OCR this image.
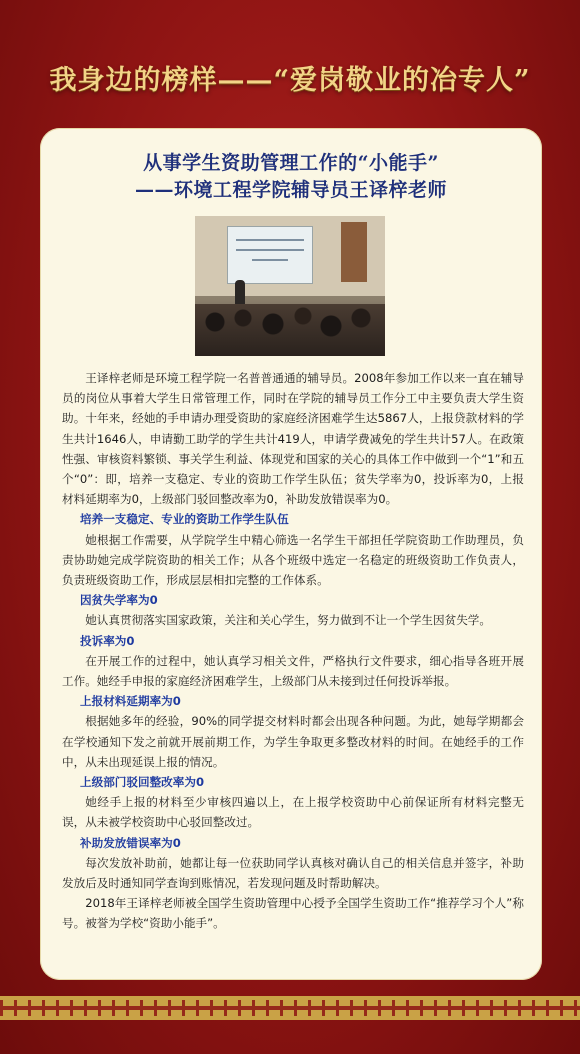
我身边的榜样——“爱岗敬业的冶专人”
从事学生资助管理工作的“小能手”
——环境工程学院辅导员王译梓老师

王译梓老师是环境工程学院一名普普通通的辅导员。2008年参加工作以来一直在辅导员的岗位从事着大学生日常管理工作，同时在学院的辅导员工作分工中主要负责大学生资助。十年来，经她的手申请办理受资助的家庭经济困难学生达5867人，上报贷款材料的学生共计1646人，申请勤工助学的学生共计419人，申请学费减免的学生共计57人。在政策性强、审核资料繁锁、事关学生利益、体现党和国家的关心的具体工作中做到一个“1”和五个“0”：即，培养一支稳定、专业的资助工作学生队伍；贫失学率为0，投诉率为0，上报材料延期率为0，上级部门驳回整改率为0，补助发放错误率为0。

培养一支稳定、专业的资助工作学生队伍

她根据工作需要，从学院学生中精心筛选一名学生干部担任学院资助工作助理员，负责协助她完成学院资助的相关工作；从各个班级中选定一名稳定的班级资助工作负责人，负责班级资助工作，形成层层相扣完整的工作体系。

因贫失学率为0

她认真贯彻落实国家政策，关注和关心学生，努力做到不让一个学生因贫失学。

投诉率为0

在开展工作的过程中，她认真学习相关文件，严格执行文件要求，细心指导各班开展工作。她经手申报的家庭经济困难学生，上级部门从未接到过任何投诉举报。

上报材料延期率为0

根据她多年的经验，90%的同学提交材料时都会出现各种问题。为此，她每学期都会在学校通知下发之前就开展前期工作，为学生争取更多整改材料的时间。在她经手的工作中，从未出现延误上报的情况。

上级部门驳回整改率为0

她经手上报的材料至少审核四遍以上，在上报学校资助中心前保证所有材料完整无误，从未被学校资助中心驳回整改过。

补助发放错误率为0

每次发放补助前，她都让每一位获助同学认真核对确认自己的相关信息并签字，补助发放后及时通知同学查询到账情况，若发现问题及时帮助解决。

2018年王译梓老师被全国学生资助管理中心授予全国学生资助工作“推荐学习个人”称号。被誉为学校“资助小能手”。
